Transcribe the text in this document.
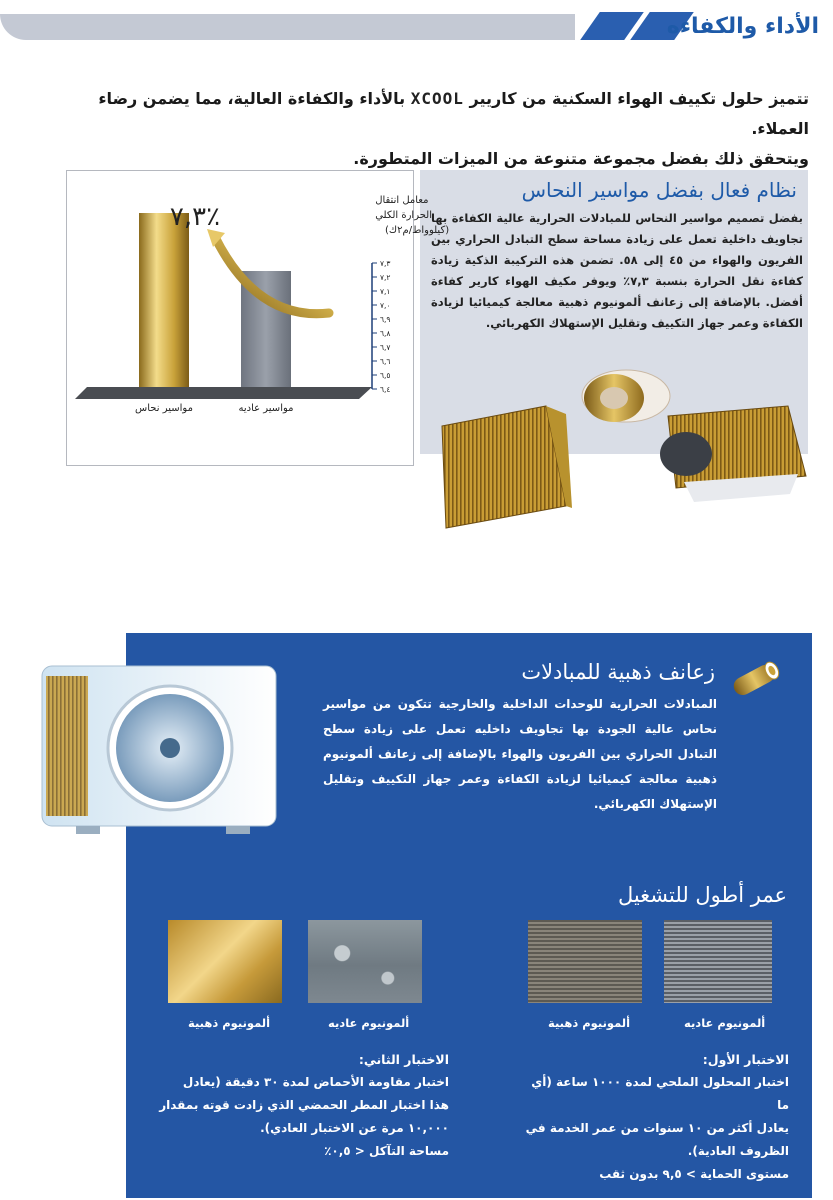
الأداء والكفاءه
تتميز حلول تكييف الهواء السكنية من كاريير XCOOL بالأداء والكفاءة العالية، مما يضمن رضاء العملاء.
ويتحقق ذلك بفضل مجموعة متنوعة من الميزات المتطورة.
مواسير نحاس	مواسير عاديه
٦,٤
٦,٥
٦,٦
٦,٧
٦,٨
٦,٩
٧,٠
٧,١
٧,٢
٧,٣
٧,٣٪
معامل انتقال الحرارة الكلي (كيلوواط/م٢ك)
نظام فعال بفضل مواسير النحاس
بفضل تصميم مواسير النحاس للمبادلات الحرارية عالية الكفاءة بها تجاويف داخلية تعمل على زيادة مساحة سطح التبادل الحراري بين الفريون والهواء من ٤٥ إلى ٥٨. تضمن هذه التركيبة الذكية زيادة كفاءة نقل الحرارة بنسبة ٧,٣٪ ويوفر مكيف الهواء كارير كفاءة أفضل. بالإضافة إلى زعانف ألمونيوم ذهبية معالجة كيميائيا لزيادة الكفاءة وعمر جهاز التكييف وتقليل الإستهلاك الكهربائي.
زعانف ذهبية للمبادلات
المبادلات الحرارية للوحدات الداخلية والخارجية تتكون من مواسير نحاس عالية الجودة بها تجاويف داخليه تعمل على زيادة سطح التبادل الحراري بين الفريون والهواء بالإضافة إلى زعانف ألمونيوم ذهبية معالجة كيميائيا لزيادة الكفاءة وعمر جهاز التكييف وتقليل الإستهلاك الكهربائي.
عمر أطول للتشغيل
ألمونيوم ذهبية	ألمونيوم عاديه	ألمونيوم ذهبية	ألمونيوم عاديه
الاختبار الأول:
اختبار المحلول الملحي لمدة ١٠٠٠ ساعة (أي ما
يعادل أكثر من ١٠ سنوات من عمر الخدمة في
الظروف العادية).
مستوى الحماية > ٩,٥ بدون ثقب
الاختبار الثاني:
اختبار مقاومة الأحماض لمدة ٣٠ دقيقة (يعادل
هذا اختبار المطر الحمضي الذي زادت قوته بمقدار
١٠,٠٠٠ مرة عن الاختبار العادي).
مساحة التآكل < ٠,٥٪
